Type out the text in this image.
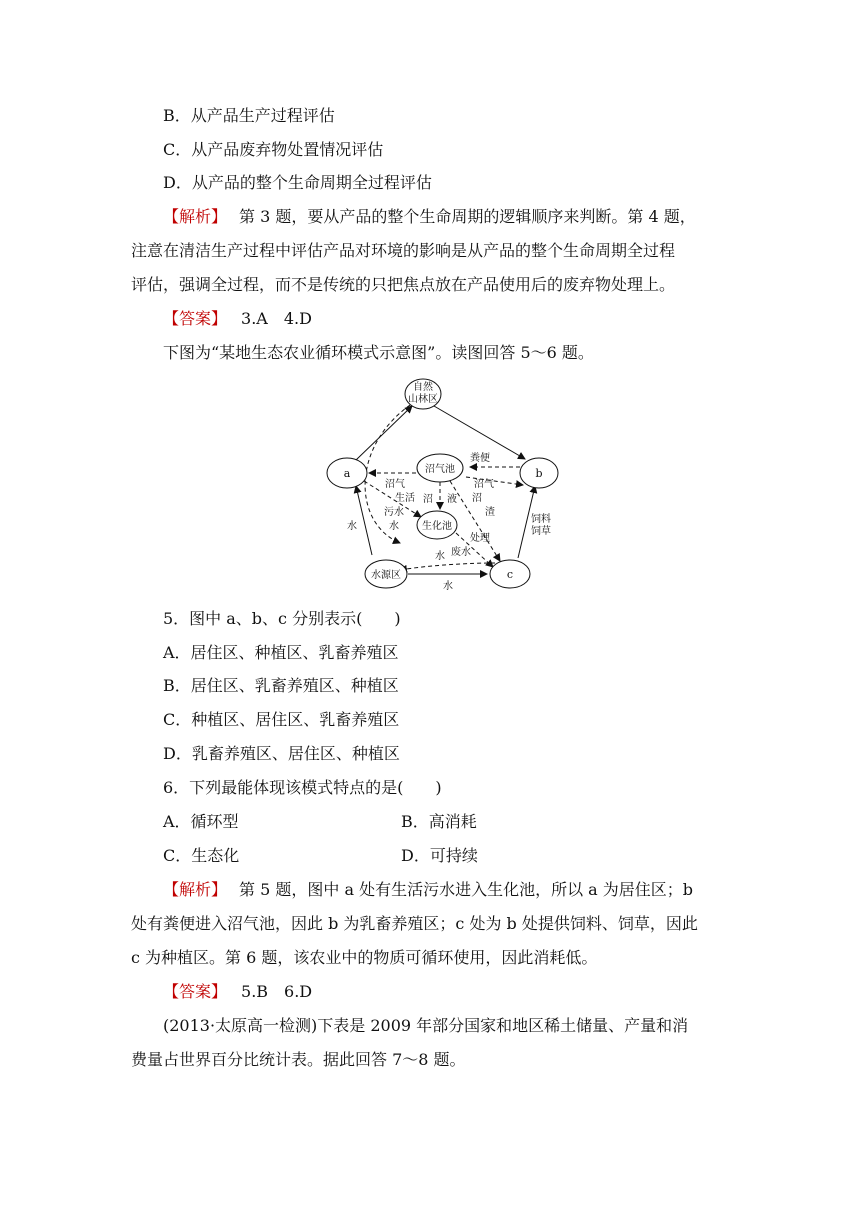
B．从产品生产过程评估
C．从产品废弃物处置情况评估
D．从产品的整个生命周期全过程评估
【解析】 第 3 题，要从产品的整个生命周期的逻辑顺序来判断。第 4 题，
注意在清洁生产过程中评估产品对环境的影响是从产品的整个生命周期全过程
评估，强调全过程，而不是传统的只把焦点放在产品使用后的废弃物处理上。
【答案】 3.A　4.D
下图为“某地生态农业循环模式示意图”。读图回答 5～6 题。
自然
山林区
a	b
沼气池
生化池
水源区	c
粪便
沼气	沼气
生活
污水
水
沼 液 沼
渣
处理
水 废水
水
水
饲料
饲草
5．图中 a、b、c 分别表示(　　)
A．居住区、种植区、乳畜养殖区
B．居住区、乳畜养殖区、种植区
C．种植区、居住区、乳畜养殖区
D．乳畜养殖区、居住区、种植区
6．下列最能体现该模式特点的是(　　)
A．循环型	B．高消耗
C．生态化	D．可持续
【解析】 第 5 题，图中 a 处有生活污水进入生化池，所以 a 为居住区；b
处有粪便进入沼气池，因此 b 为乳畜养殖区；c 处为 b 处提供饲料、饲草，因此
c 为种植区。第 6 题，该农业中的物质可循环使用，因此消耗低。
【答案】 5.B　6.D
(2013·太原高一检测)下表是 2009 年部分国家和地区稀土储量、产量和消
费量占世界百分比统计表。据此回答 7～8 题。
